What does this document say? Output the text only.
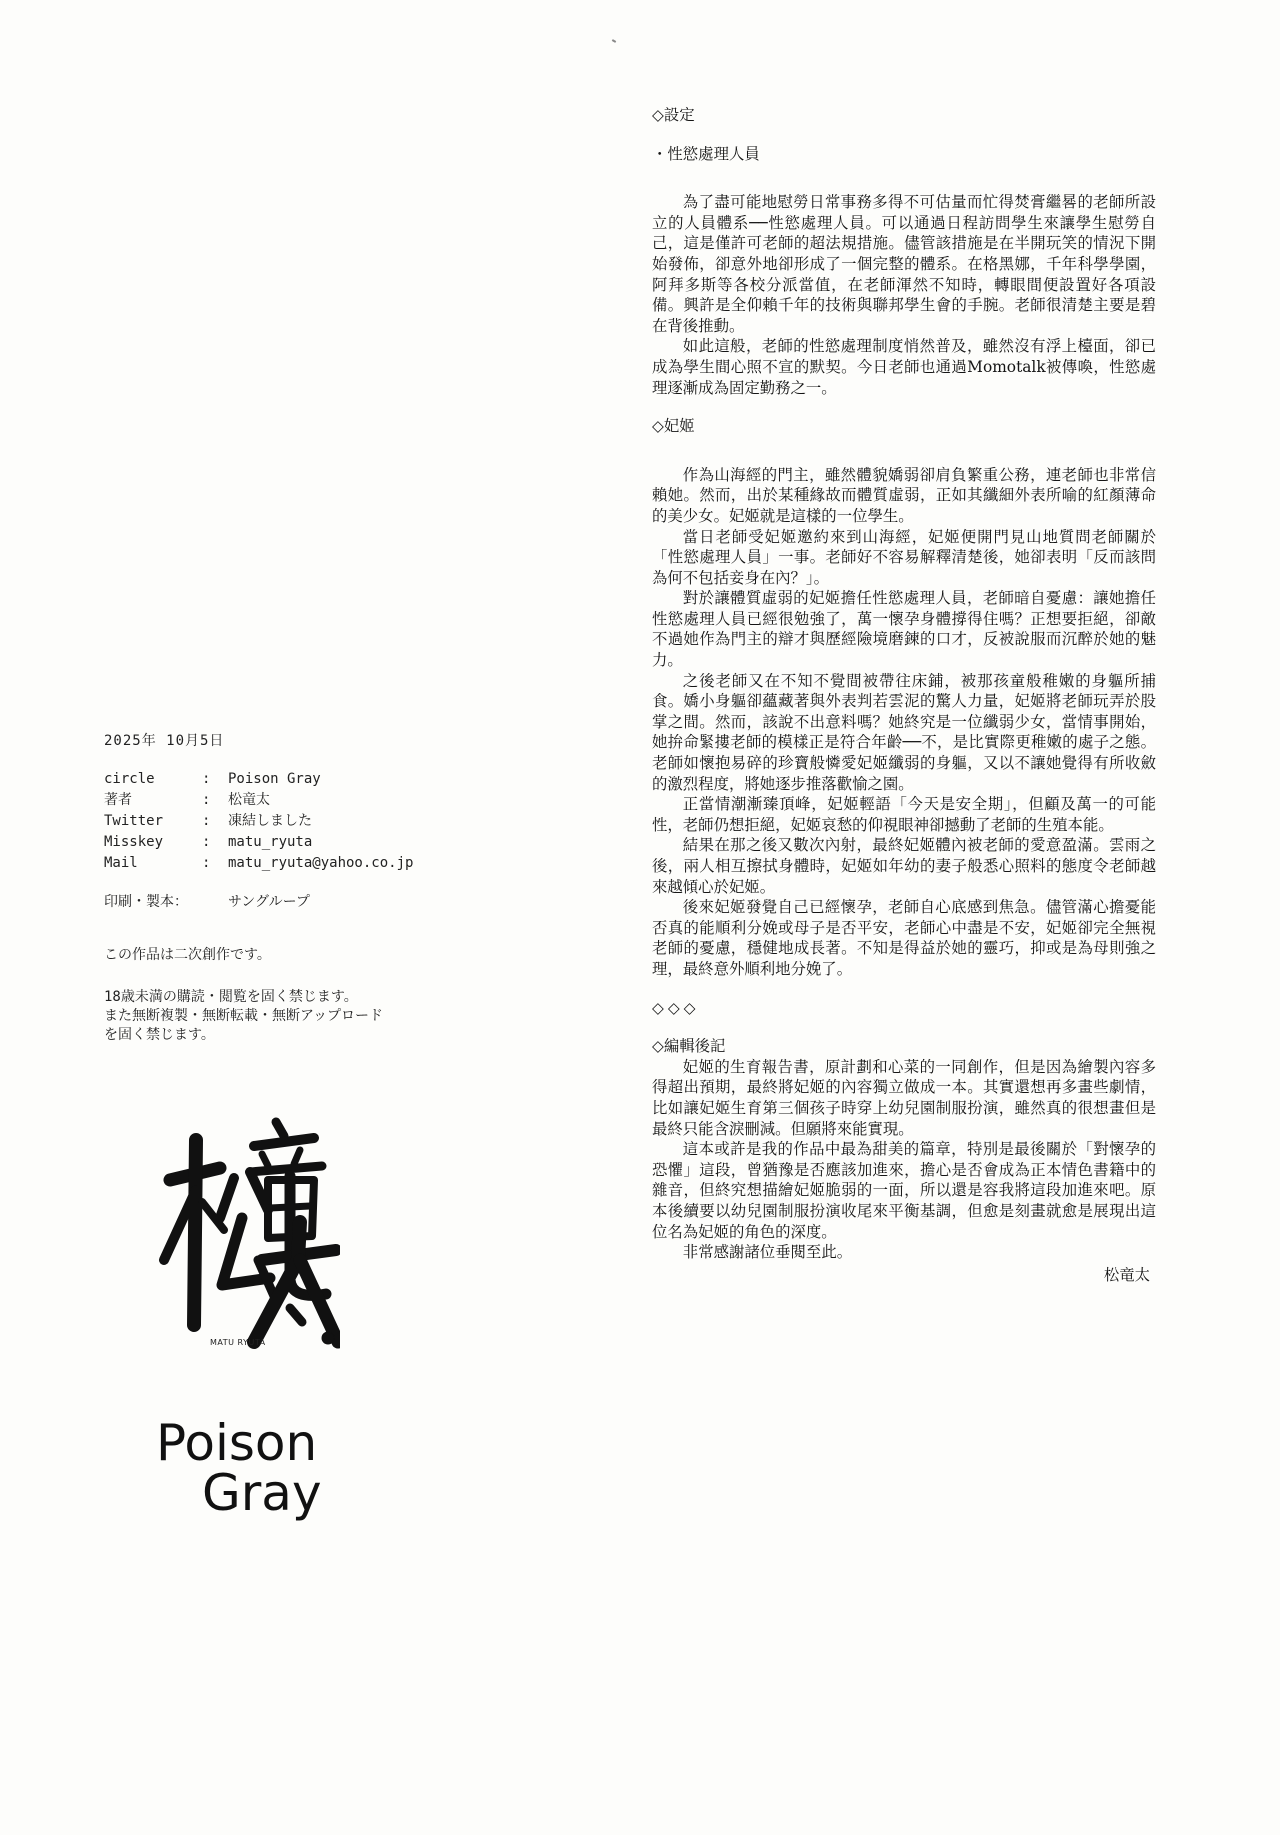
2025年 10月5日
circle	:	Poison Gray
著者	:	松竜太
Twitter	:	凍結しました
Misskey	:	matu_ryuta
Mail	:	matu_ryuta@yahoo.co.jp
印刷・製本：	サングループ
この作品は二次創作です。
18歳未満の購読・閲覧を固く禁じます。
また無断複製・無断転載・無断アップロード
を固く禁じます。
MATU RYUTA
Poison
Gray
◇設定
・性慾處理人員

為了盡可能地慰勞日常事務多得不可估量而忙得焚膏繼晷的老師所設立的人員體系──性慾處理人員。可以通過日程訪問學生來讓學生慰勞自己，這是僅許可老師的超法規措施。儘管該措施是在半開玩笑的情況下開始發佈，卻意外地卻形成了一個完整的體系。在格黑娜，千年科學學園，阿拜多斯等各校分派當值，在老師渾然不知時，轉眼間便設置好各項設備。興許是全仰賴千年的技術與聯邦學生會的手腕。老師很清楚主要是碧在背後推動。

如此這般，老師的性慾處理制度悄然普及，雖然沒有浮上檯面，卻已成為學生間心照不宣的默契。今日老師也通過Momotalk被傳喚，性慾處理逐漸成為固定勤務之一。

◇妃姬

作為山海經的門主，雖然體貌嬌弱卻肩負繁重公務，連老師也非常信賴她。然而，出於某種緣故而體質虛弱，正如其纖細外表所喻的紅顏薄命的美少女。妃姬就是這樣的一位學生。

當日老師受妃姬邀約來到山海經，妃姬便開門見山地質問老師關於「性慾處理人員」一事。老師好不容易解釋清楚後，她卻表明「反而該問為何不包括妾身在內？」。

對於讓體質虛弱的妃姬擔任性慾處理人員，老師暗自憂慮：讓她擔任性慾處理人員已經很勉強了，萬一懷孕身體撐得住嗎？正想要拒絕，卻敵不過她作為門主的辯才與歷經險境磨鍊的口才，反被說服而沉醉於她的魅力。

之後老師又在不知不覺間被帶往床鋪，被那孩童般稚嫩的身軀所捕食。嬌小身軀卻蘊藏著與外表判若雲泥的驚人力量，妃姬將老師玩弄於股掌之間。然而，該說不出意料嗎？她終究是一位纖弱少女，當情事開始，她拚命緊摟老師的模樣正是符合年齡──不，是比實際更稚嫩的處子之態。老師如懷抱易碎的珍寶般憐愛妃姬纖弱的身軀，又以不讓她覺得有所收斂的激烈程度，將她逐步推落歡愉之園。

正當情潮漸臻頂峰，妃姬輕語「今天是安全期」，但顧及萬一的可能性，老師仍想拒絕，妃姬哀愁的仰視眼神卻撼動了老師的生殖本能。

結果在那之後又數次內射，最終妃姬體內被老師的愛意盈滿。雲雨之後，兩人相互擦拭身體時，妃姬如年幼的妻子般悉心照料的態度令老師越來越傾心於妃姬。

後來妃姬發覺自己已經懷孕，老師自心底感到焦急。儘管滿心擔憂能否真的能順利分娩或母子是否平安，老師心中盡是不安，妃姬卻完全無視老師的憂慮，穩健地成長著。不知是得益於她的靈巧，抑或是為母則強之理，最終意外順利地分娩了。

◇◇◇
◇編輯後記

妃姬的生育報告書，原計劃和心菜的一同創作，但是因為繪製內容多得超出預期，最終將妃姬的內容獨立做成一本。其實還想再多畫些劇情，比如讓妃姬生育第三個孩子時穿上幼兒園制服扮演，雖然真的很想畫但是最終只能含淚刪減。但願將來能實現。

這本或許是我的作品中最為甜美的篇章，特別是最後關於「對懷孕的恐懼」這段，曾猶豫是否應該加進來，擔心是否會成為正本情色書籍中的雜音，但終究想描繪妃姬脆弱的一面，所以還是容我將這段加進來吧。原本後續要以幼兒園制服扮演收尾來平衡基調，但愈是刻畫就愈是展現出這位名為妃姬的角色的深度。

非常感謝諸位垂閱至此。

松竜太
